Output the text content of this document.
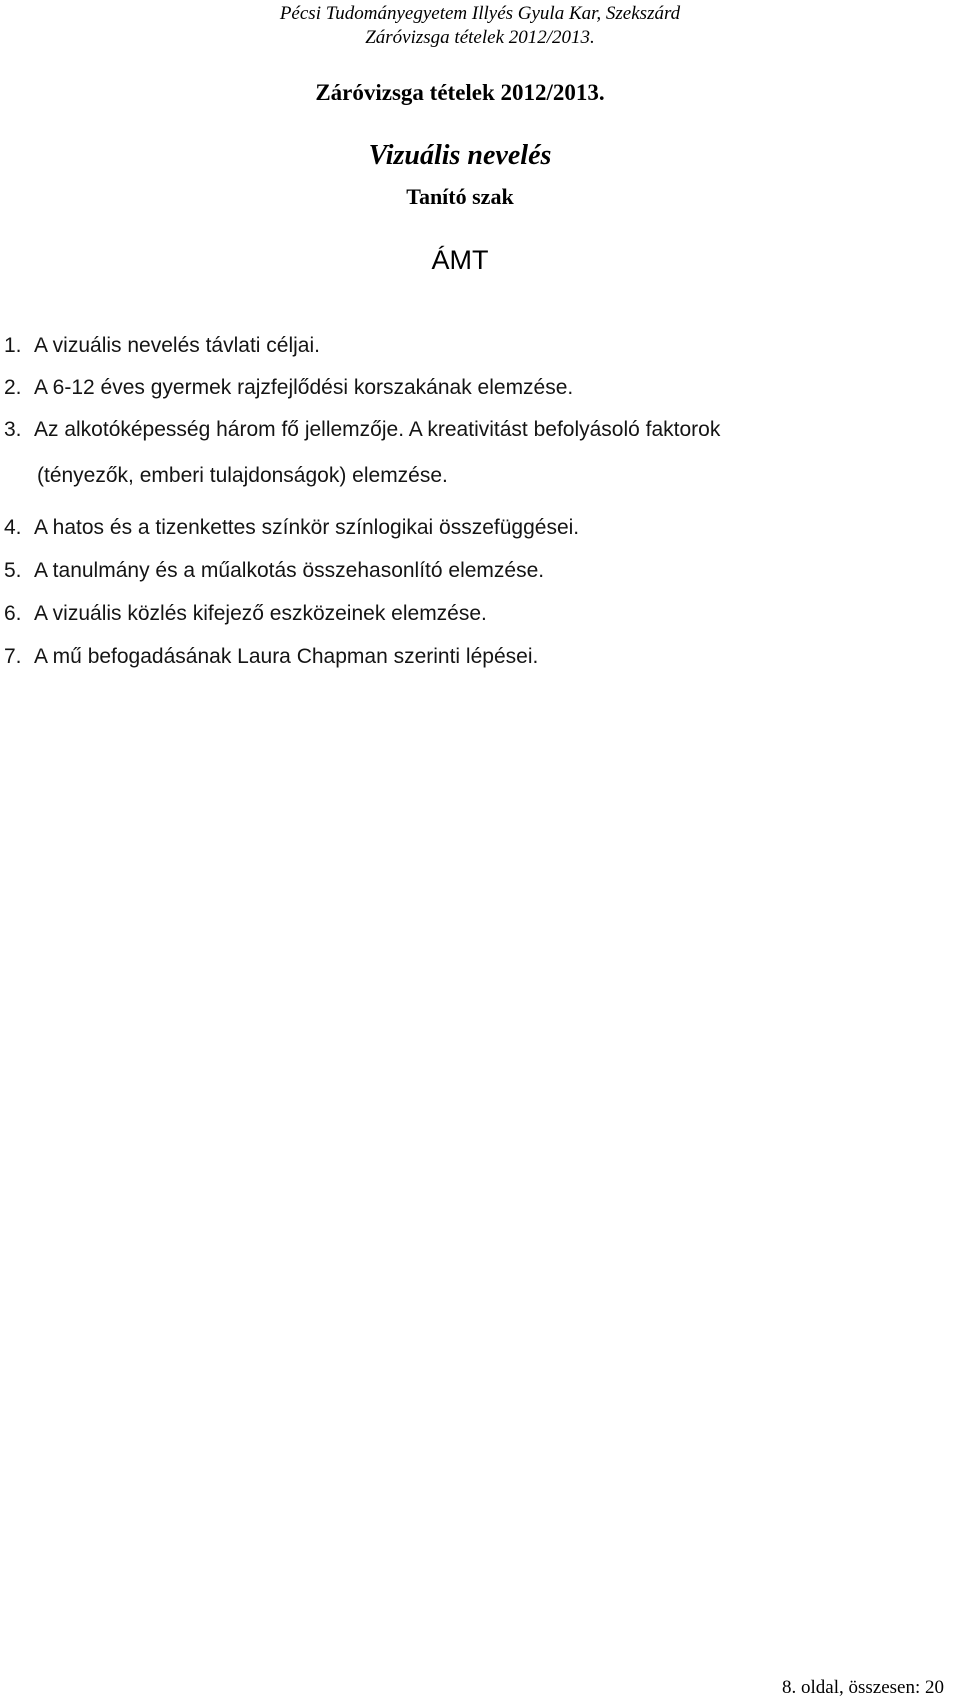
Pécsi Tudományegyetem Illyés Gyula Kar, Szekszárd
Záróvizsga tételek 2012/2013.
Záróvizsga tételek 2012/2013.
Vizuális nevelés
Tanító szak
ÁMT
1. A vizuális nevelés távlati céljai.
2. A 6-12 éves gyermek rajzfejlődési korszakának elemzése.
3. Az alkotóképesség három fő jellemzője. A kreativitást befolyásoló faktorok
(tényezők, emberi tulajdonságok) elemzése.
4. A hatos és a tizenkettes színkör színlogikai összefüggései.
5. A tanulmány és a műalkotás összehasonlító elemzése.
6. A vizuális közlés kifejező eszközeinek elemzése.
7. A mű befogadásának Laura Chapman szerinti lépései.
8. oldal, összesen: 20
